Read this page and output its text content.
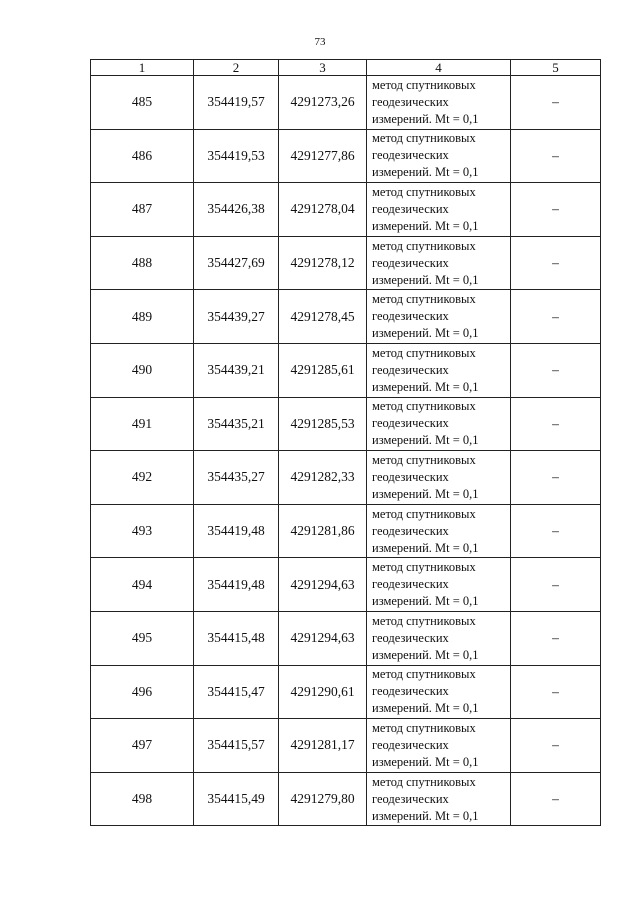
73
1	2	3	4	5
485	354419,57	4291273,26	метод спутниковых
геодезических
измерений. Mt = 0,1	–
486	354419,53	4291277,86	метод спутниковых
геодезических
измерений. Mt = 0,1	–
487	354426,38	4291278,04	метод спутниковых
геодезических
измерений. Mt = 0,1	–
488	354427,69	4291278,12	метод спутниковых
геодезических
измерений. Mt = 0,1	–
489	354439,27	4291278,45	метод спутниковых
геодезических
измерений. Mt = 0,1	–
490	354439,21	4291285,61	метод спутниковых
геодезических
измерений. Mt = 0,1	–
491	354435,21	4291285,53	метод спутниковых
геодезических
измерений. Mt = 0,1	–
492	354435,27	4291282,33	метод спутниковых
геодезических
измерений. Mt = 0,1	–
493	354419,48	4291281,86	метод спутниковых
геодезических
измерений. Mt = 0,1	–
494	354419,48	4291294,63	метод спутниковых
геодезических
измерений. Mt = 0,1	–
495	354415,48	4291294,63	метод спутниковых
геодезических
измерений. Mt = 0,1	–
496	354415,47	4291290,61	метод спутниковых
геодезических
измерений. Mt = 0,1	–
497	354415,57	4291281,17	метод спутниковых
геодезических
измерений. Mt = 0,1	–
498	354415,49	4291279,80	метод спутниковых
геодезических
измерений. Mt = 0,1	–
